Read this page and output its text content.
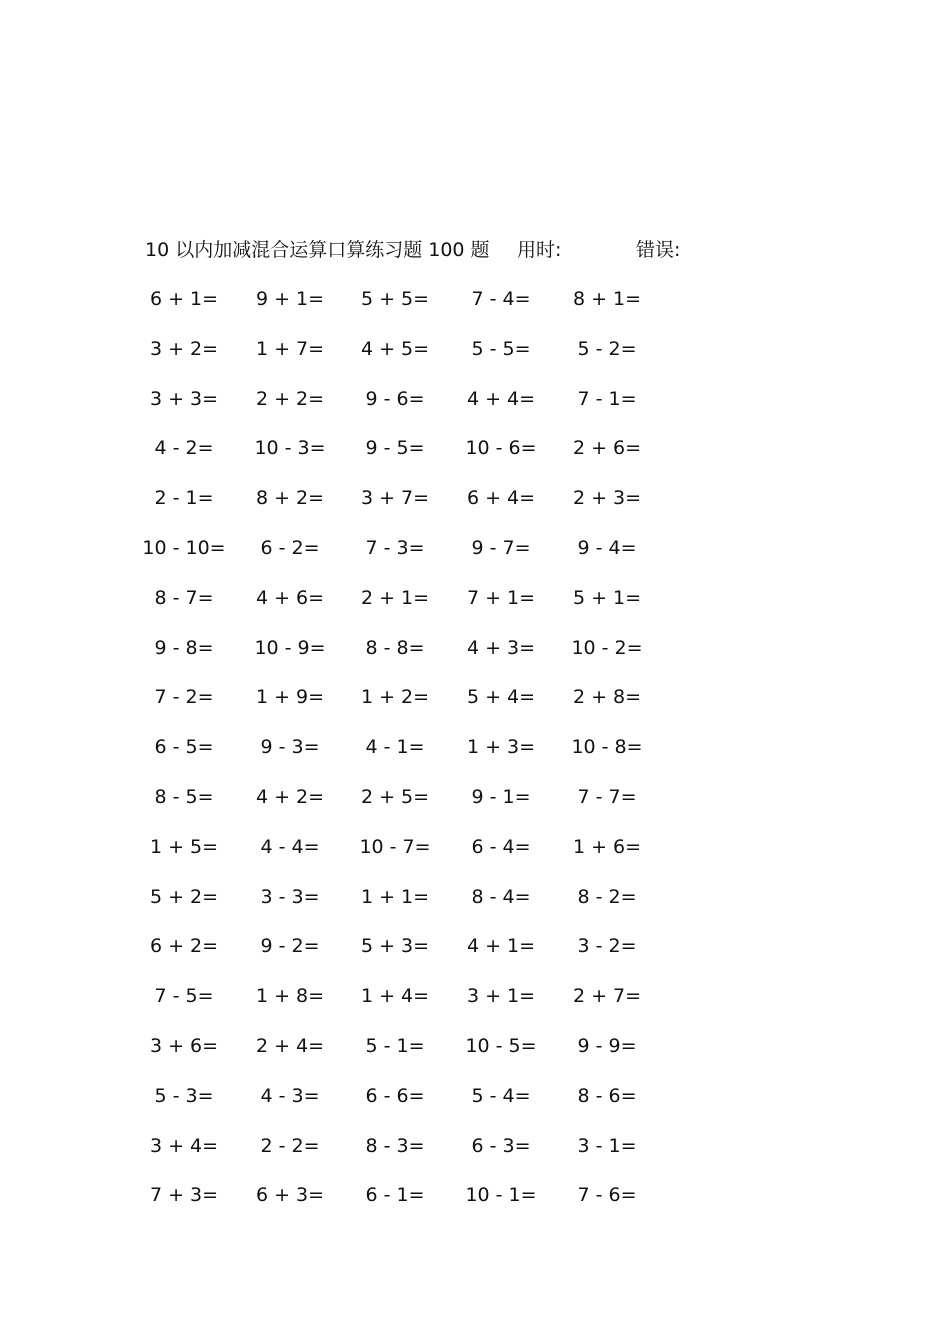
10 以内加减混合运算口算练习题 100 题 用时:	错误:
6 + 1=	9 + 1=	5 + 5=	7 - 4=	8 + 1=
3 + 2=	1 + 7=	4 + 5=	5 - 5=	5 - 2=
3 + 3=	2 + 2=	9 - 6=	4 + 4=	7 - 1=
4 - 2=	10 - 3=	9 - 5=	10 - 6=	2 + 6=
2 - 1=	8 + 2=	3 + 7=	6 + 4=	2 + 3=
10 - 10=	6 - 2=	7 - 3=	9 - 7=	9 - 4=
8 - 7=	4 + 6=	2 + 1=	7 + 1=	5 + 1=
9 - 8=	10 - 9=	8 - 8=	4 + 3=	10 - 2=
7 - 2=	1 + 9=	1 + 2=	5 + 4=	2 + 8=
6 - 5=	9 - 3=	4 - 1=	1 + 3=	10 - 8=
8 - 5=	4 + 2=	2 + 5=	9 - 1=	7 - 7=
1 + 5=	4 - 4=	10 - 7=	6 - 4=	1 + 6=
5 + 2=	3 - 3=	1 + 1=	8 - 4=	8 - 2=
6 + 2=	9 - 2=	5 + 3=	4 + 1=	3 - 2=
7 - 5=	1 + 8=	1 + 4=	3 + 1=	2 + 7=
3 + 6=	2 + 4=	5 - 1=	10 - 5=	9 - 9=
5 - 3=	4 - 3=	6 - 6=	5 - 4=	8 - 6=
3 + 4=	2 - 2=	8 - 3=	6 - 3=	3 - 1=
7 + 3=	6 + 3=	6 - 1=	10 - 1=	7 - 6=
